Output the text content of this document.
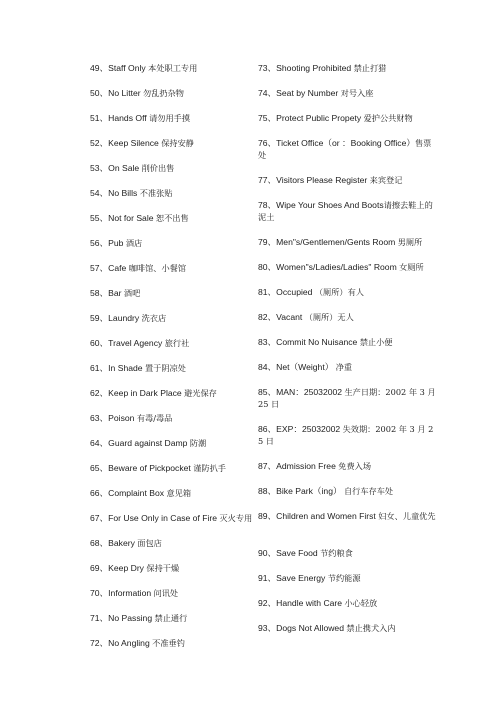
49、Staff Only 本处职工专用
50、No Litter 勿乱扔杂物
51、Hands Off 请勿用手摸
52、Keep Silence 保持安静
53、On Sale 削价出售
54、No Bills 不准张贴
55、Not for Sale 恕不出售
56、Pub 酒店
57、Cafe 咖啡馆、小餐馆
58、Bar 酒吧
59、Laundry 洗衣店
60、Travel Agency 旅行社
61、In Shade 置于阴凉处
62、Keep in Dark Place 避光保存
63、Poison 有毒/毒品
64、Guard against Damp 防潮
65、Beware of Pickpocket 谨防扒手
66、Complaint Box 意见箱
67、For Use Only in Case of Fire 灭火专用
68、Bakery 面包店
69、Keep Dry 保持干燥
70、Information 问讯处
71、No Passing 禁止通行
72、No Angling 不准垂钓
73、Shooting Prohibited 禁止打猎
74、Seat by Number 对号入座
75、Protect Public Propety 爱护公共财物
76、Ticket Office（or ：Booking Office）售票处
77、Visitors Please Register 来宾登记
78、Wipe Your Shoes And Boots请擦去鞋上的泥土
79、Men"s/Gentlemen/Gents Room 男厕所
80、Women"s/Ladies/Ladies" Room 女厕所
81、Occupied （厕所）有人
82、Vacant （厕所）无人
83、Commit No Nuisance 禁止小便
84、Net（Weight） 净重
85、MAN：25032002 生产日期：2002 年 3 月 25 日
86、EXP：25032002 失效期：2002 年 3 月 25 日
87、Admission Free 免费入场
88、Bike Park（ing） 自行车存车处
89、Children and Women First 妇女、儿童优先
90、Save Food 节约粮食
91、Save Energy 节约能源
92、Handle with Care 小心轻放
93、Dogs Not Allowed 禁止携犬入内
